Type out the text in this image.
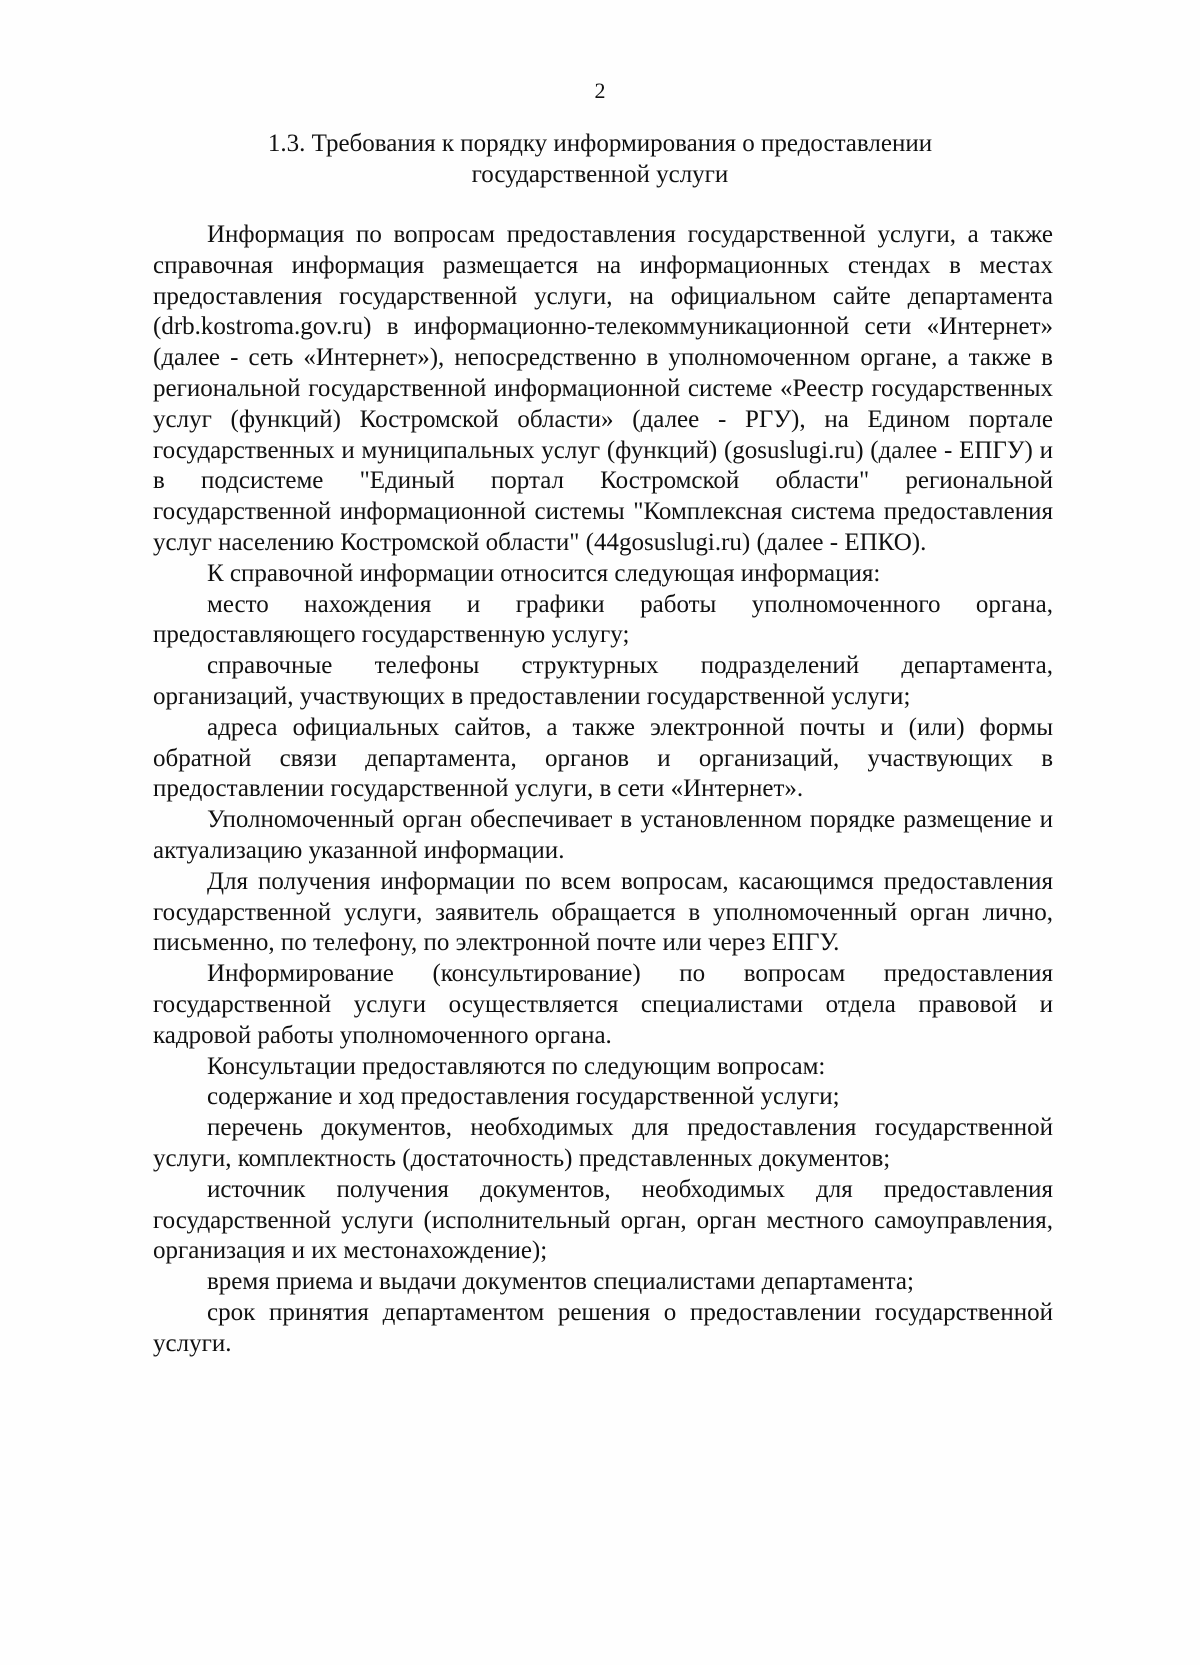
2
1.3. Требования к порядку информирования о предоставлении
государственной услуги

Информация по вопросам предоставления государственной услуги, а также справочная информация размещается на информационных стендах в местах предоставления государственной услуги, на официальном сайте департамента (drb.kostroma.gov.ru) в информационно-телекоммуникационной сети «Интернет» (далее - сеть «Интернет»), непосредственно в уполномоченном органе, а также в региональной государственной информационной системе «Реестр государственных услуг (функций) Костромской области» (далее - РГУ), на Едином портале государственных и муниципальных услуг (функций) (gosuslugi.ru) (далее - ЕПГУ) и в подсистеме "Единый портал Костромской области" региональной государственной информационной системы "Комплексная система предоставления услуг населению Костромской области" (44gosuslugi.ru) (далее - ЕПКО).

К справочной информации относится следующая информация:

место нахождения и графики работы уполномоченного органа, предоставляющего государственную услугу;

справочные телефоны структурных подразделений департамента, организаций, участвующих в предоставлении государственной услуги;

адреса официальных сайтов, а также электронной почты и (или) формы обратной связи департамента, органов и организаций, участвующих в предоставлении государственной услуги, в сети «Интернет».

Уполномоченный орган обеспечивает в установленном порядке размещение и актуализацию указанной информации.

Для получения информации по всем вопросам, касающимся предоставления государственной услуги, заявитель обращается в уполномоченный орган лично, письменно, по телефону, по электронной почте или через ЕПГУ.

Информирование (консультирование) по вопросам предоставления государственной услуги осуществляется специалистами отдела правовой и кадровой работы уполномоченного органа.

Консультации предоставляются по следующим вопросам:

содержание и ход предоставления государственной услуги;

перечень документов, необходимых для предоставления государственной услуги, комплектность (достаточность) представленных документов;

источник получения документов, необходимых для предоставления государственной услуги (исполнительный орган, орган местного самоуправления, организация и их местонахождение);

время приема и выдачи документов специалистами департамента;

срок принятия департаментом решения о предоставлении государственной услуги.
